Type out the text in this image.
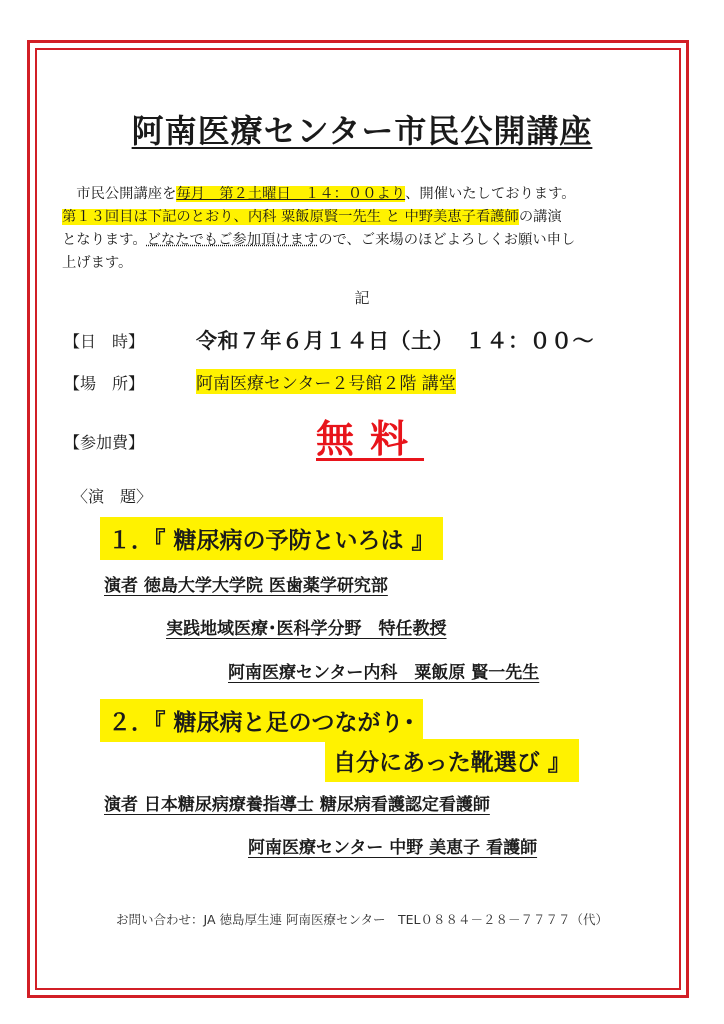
阿南医療センター市民公開講座
　市民公開講座を毎月　第２土曜日　１４：００より、開催いたしております。
第１３回目は下記のとおり、内科 粟飯原賢一先生 と 中野美恵子看護師の講演
となります。どなたでもご参加頂けますので、ご来場のほどよろしくお願い申し
上げます。
記
【日　時】 令和７年６月１４日（土）　１４：００～
【場　所】	阿南医療センター２号館２階 講堂
【参加費】	無料
〈演　題〉
１．『 糖尿病の予防といろは 』
演者 徳島大学大学院 医歯薬学研究部
実践地域医療･医科学分野　特任教授
阿南医療センター内科　粟飯原 賢一先生
２．『 糖尿病と足のつながり･
自分にあった靴選び 』
演者 日本糖尿病療養指導士 糖尿病看護認定看護師
阿南医療センター 中野 美恵子 看護師
お問い合わせ：JA 徳島厚生連 阿南医療センター　TEL０８８４－２８－７７７７（代）
